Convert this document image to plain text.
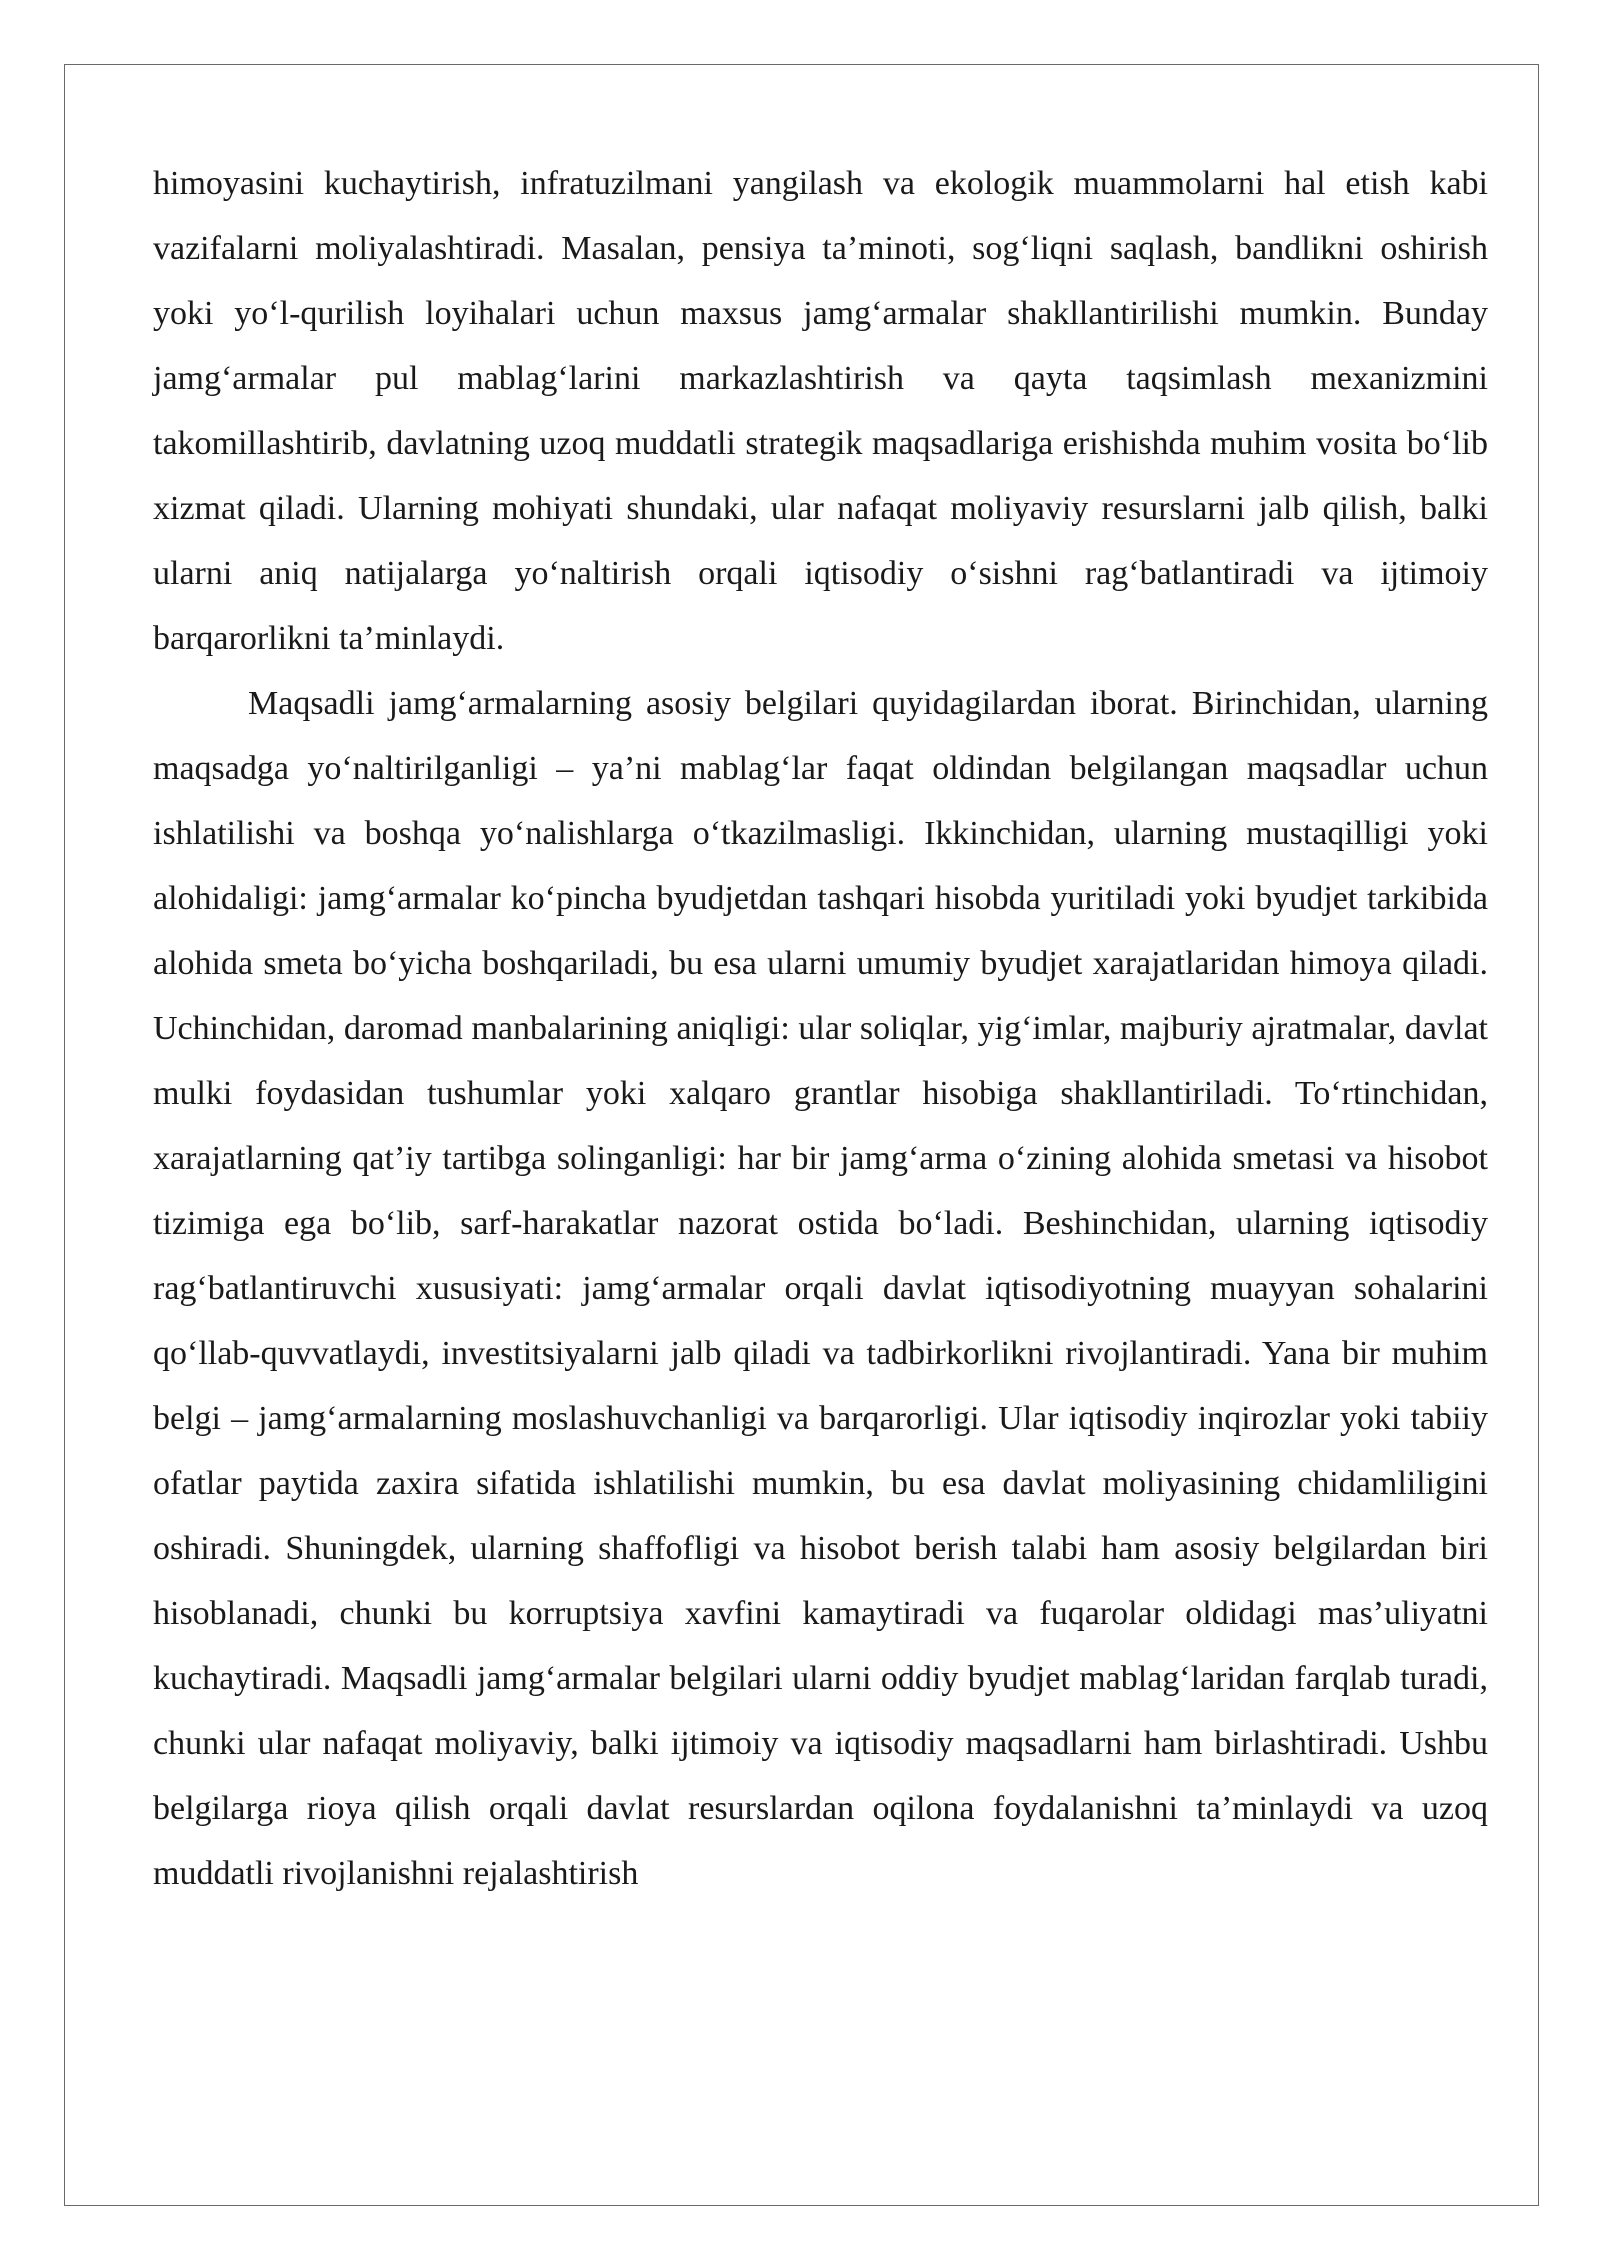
himoyasini kuchaytirish, infratuzilmani yangilash va ekologik muammolarni hal etish kabi vazifalarni moliyalashtiradi. Masalan, pensiya ta’minoti, sog‘liqni saqlash, bandlikni oshirish yoki yo‘l-qurilish loyihalari uchun maxsus jamg‘armalar shakllantirilishi mumkin. Bunday jamg‘armalar pul mablag‘larini markazlashtirish va qayta taqsimlash mexanizmini takomillashtirib, davlatning uzoq muddatli strategik maqsadlariga erishishda muhim vosita bo‘lib xizmat qiladi. Ularning mohiyati shundaki, ular nafaqat moliyaviy resurslarni jalb qilish, balki ularni aniq natijalarga yo‘naltirish orqali iqtisodiy o‘sishni rag‘batlantiradi va ijtimoiy barqarorlikni ta’minlaydi.

Maqsadli jamg‘armalarning asosiy belgilari quyidagilardan iborat. Birinchidan, ularning maqsadga yo‘naltirilganligi – ya’ni mablag‘lar faqat oldindan belgilangan maqsadlar uchun ishlatilishi va boshqa yo‘nalishlarga o‘tkazilmasligi. Ikkinchidan, ularning mustaqilligi yoki alohidaligi: jamg‘armalar ko‘pincha byudjetdan tashqari hisobda yuritiladi yoki byudjet tarkibida alohida smeta bo‘yicha boshqariladi, bu esa ularni umumiy byudjet xarajatlaridan himoya qiladi. Uchinchidan, daromad manbalarining aniqligi: ular soliqlar, yig‘imlar, majburiy ajratmalar, davlat mulki foydasidan tushumlar yoki xalqaro grantlar hisobiga shakllantiriladi. To‘rtinchidan, xarajatlarning qat’iy tartibga solinganligi: har bir jamg‘arma o‘zining alohida smetasi va hisobot tizimiga ega bo‘lib, sarf-harakatlar nazorat ostida bo‘ladi. Beshinchidan, ularning iqtisodiy rag‘batlantiruvchi xususiyati: jamg‘armalar orqali davlat iqtisodiyotning muayyan sohalarini qo‘llab-quvvatlaydi, investitsiyalarni jalb qiladi va tadbirkorlikni rivojlantiradi. Yana bir muhim belgi – jamg‘armalarning moslashuvchanligi va barqarorligi. Ular iqtisodiy inqirozlar yoki tabiiy ofatlar paytida zaxira sifatida ishlatilishi mumkin, bu esa davlat moliyasining chidamliligini oshiradi. Shuningdek, ularning shaffofligi va hisobot berish talabi ham asosiy belgilardan biri hisoblanadi, chunki bu korruptsiya xavfini kamaytiradi va fuqarolar oldidagi mas’uliyatni kuchaytiradi. Maqsadli jamg‘armalar belgilari ularni oddiy byudjet mablag‘laridan farqlab turadi, chunki ular nafaqat moliyaviy, balki ijtimoiy va iqtisodiy maqsadlarni ham birlashtiradi. Ushbu belgilarga rioya qilish orqali davlat resurslardan oqilona foydalanishni ta’minlaydi va uzoq muddatli rivojlanishni rejalashtirish
